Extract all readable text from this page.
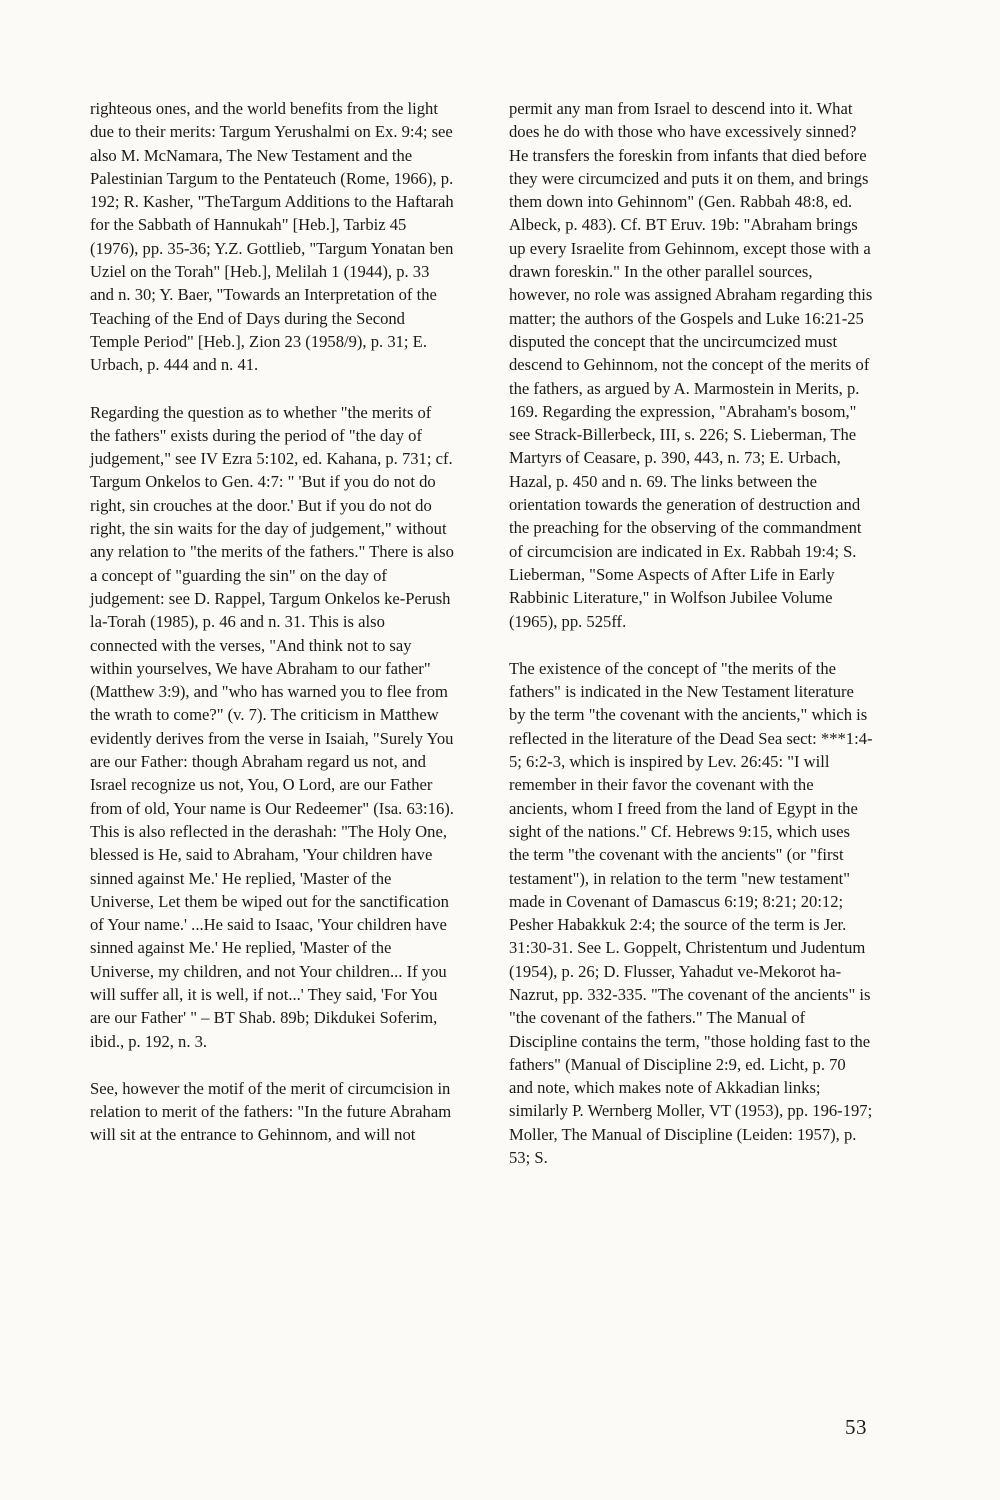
righteous ones, and the world benefits from the light due to their merits: Targum Yerushalmi on Ex. 9:4; see also M. McNamara, The New Testament and the Palestinian Targum to the Pentateuch (Rome, 1966), p. 192; R. Kasher, "TheTargum Additions to the Haftarah for the Sabbath of Hannukah" [Heb.], Tarbiz 45 (1976), pp. 35-36; Y.Z. Gottlieb, "Targum Yonatan ben Uziel on the Torah" [Heb.], Melilah 1 (1944), p. 33 and n. 30; Y. Baer, "Towards an Interpretation of the Teaching of the End of Days during the Second Temple Period" [Heb.], Zion 23 (1958/9), p. 31; E. Urbach, p. 444 and n. 41.

Regarding the question as to whether "the merits of the fathers" exists during the period of "the day of judgement," see IV Ezra 5:102, ed. Kahana, p. 731; cf. Targum Onkelos to Gen. 4:7: " 'But if you do not do right, sin crouches at the door.' But if you do not do right, the sin waits for the day of judgement," without any relation to "the merits of the fathers." There is also a concept of "guarding the sin" on the day of judgement: see D. Rappel, Targum Onkelos ke-Perush la-Torah (1985), p. 46 and n. 31. This is also connected with the verses, "And think not to say within yourselves, We have Abraham to our father" (Matthew 3:9), and "who has warned you to flee from the wrath to come?" (v. 7). The criticism in Matthew evidently derives from the verse in Isaiah, "Surely You are our Father: though Abraham regard us not, and Israel recognize us not, You, O Lord, are our Father from of old, Your name is Our Redeemer" (Isa. 63:16). This is also reflected in the derashah: "The Holy One, blessed is He, said to Abraham, 'Your children have sinned against Me.' He replied, 'Master of the Universe, Let them be wiped out for the sanctification of Your name.' ...He said to Isaac, 'Your children have sinned against Me.' He replied, 'Master of the Universe, my children, and not Your children... If you will suffer all, it is well, if not...' They said, 'For You are our Father' " – BT Shab. 89b; Dikdukei Soferim, ibid., p. 192, n. 3.

See, however the motif of the merit of circumcision in relation to merit of the fathers: "In the future Abraham will sit at the entrance to Gehinnom, and will not

permit any man from Israel to descend into it. What does he do with those who have excessively sinned? He transfers the foreskin from infants that died before they were circumcized and puts it on them, and brings them down into Gehinnom" (Gen. Rabbah 48:8, ed. Albeck, p. 483). Cf. BT Eruv. 19b: "Abraham brings up every Israelite from Gehinnom, except those with a drawn foreskin." In the other parallel sources, however, no role was assigned Abraham regarding this matter; the authors of the Gospels and Luke 16:21-25 disputed the concept that the uncircumcized must descend to Gehinnom, not the concept of the merits of the fathers, as argued by A. Marmostein in Merits, p. 169. Regarding the expression, "Abraham's bosom," see Strack-Billerbeck, III, s. 226; S. Lieberman, The Martyrs of Ceasare, p. 390, 443, n. 73; E. Urbach, Hazal, p. 450 and n. 69. The links between the orientation towards the generation of destruction and the preaching for the observing of the commandment of circumcision are indicated in Ex. Rabbah 19:4; S. Lieberman, "Some Aspects of After Life in Early Rabbinic Literature," in Wolfson Jubilee Volume (1965), pp. 525ff.

The existence of the concept of "the merits of the fathers" is indicated in the New Testament literature by the term "the covenant with the ancients," which is reflected in the literature of the Dead Sea sect: ***1:4-5; 6:2-3, which is inspired by Lev. 26:45: "I will remember in their favor the covenant with the ancients, whom I freed from the land of Egypt in the sight of the nations." Cf. Hebrews 9:15, which uses the term "the covenant with the ancients" (or "first testament"), in relation to the term "new testament" made in Covenant of Damascus 6:19; 8:21; 20:12; Pesher Habakkuk 2:4; the source of the term is Jer. 31:30-31. See L. Goppelt, Christentum und Judentum (1954), p. 26; D. Flusser, Yahadut ve-Mekorot ha-Nazrut, pp. 332-335. "The covenant of the ancients" is "the covenant of the fathers." The Manual of Discipline contains the term, "those holding fast to the fathers" (Manual of Discipline 2:9, ed. Licht, p. 70 and note, which makes note of Akkadian links; similarly P. Wernberg Moller, VT (1953), pp. 196-197; Moller, The Manual of Discipline (Leiden: 1957), p. 53; S.

53
